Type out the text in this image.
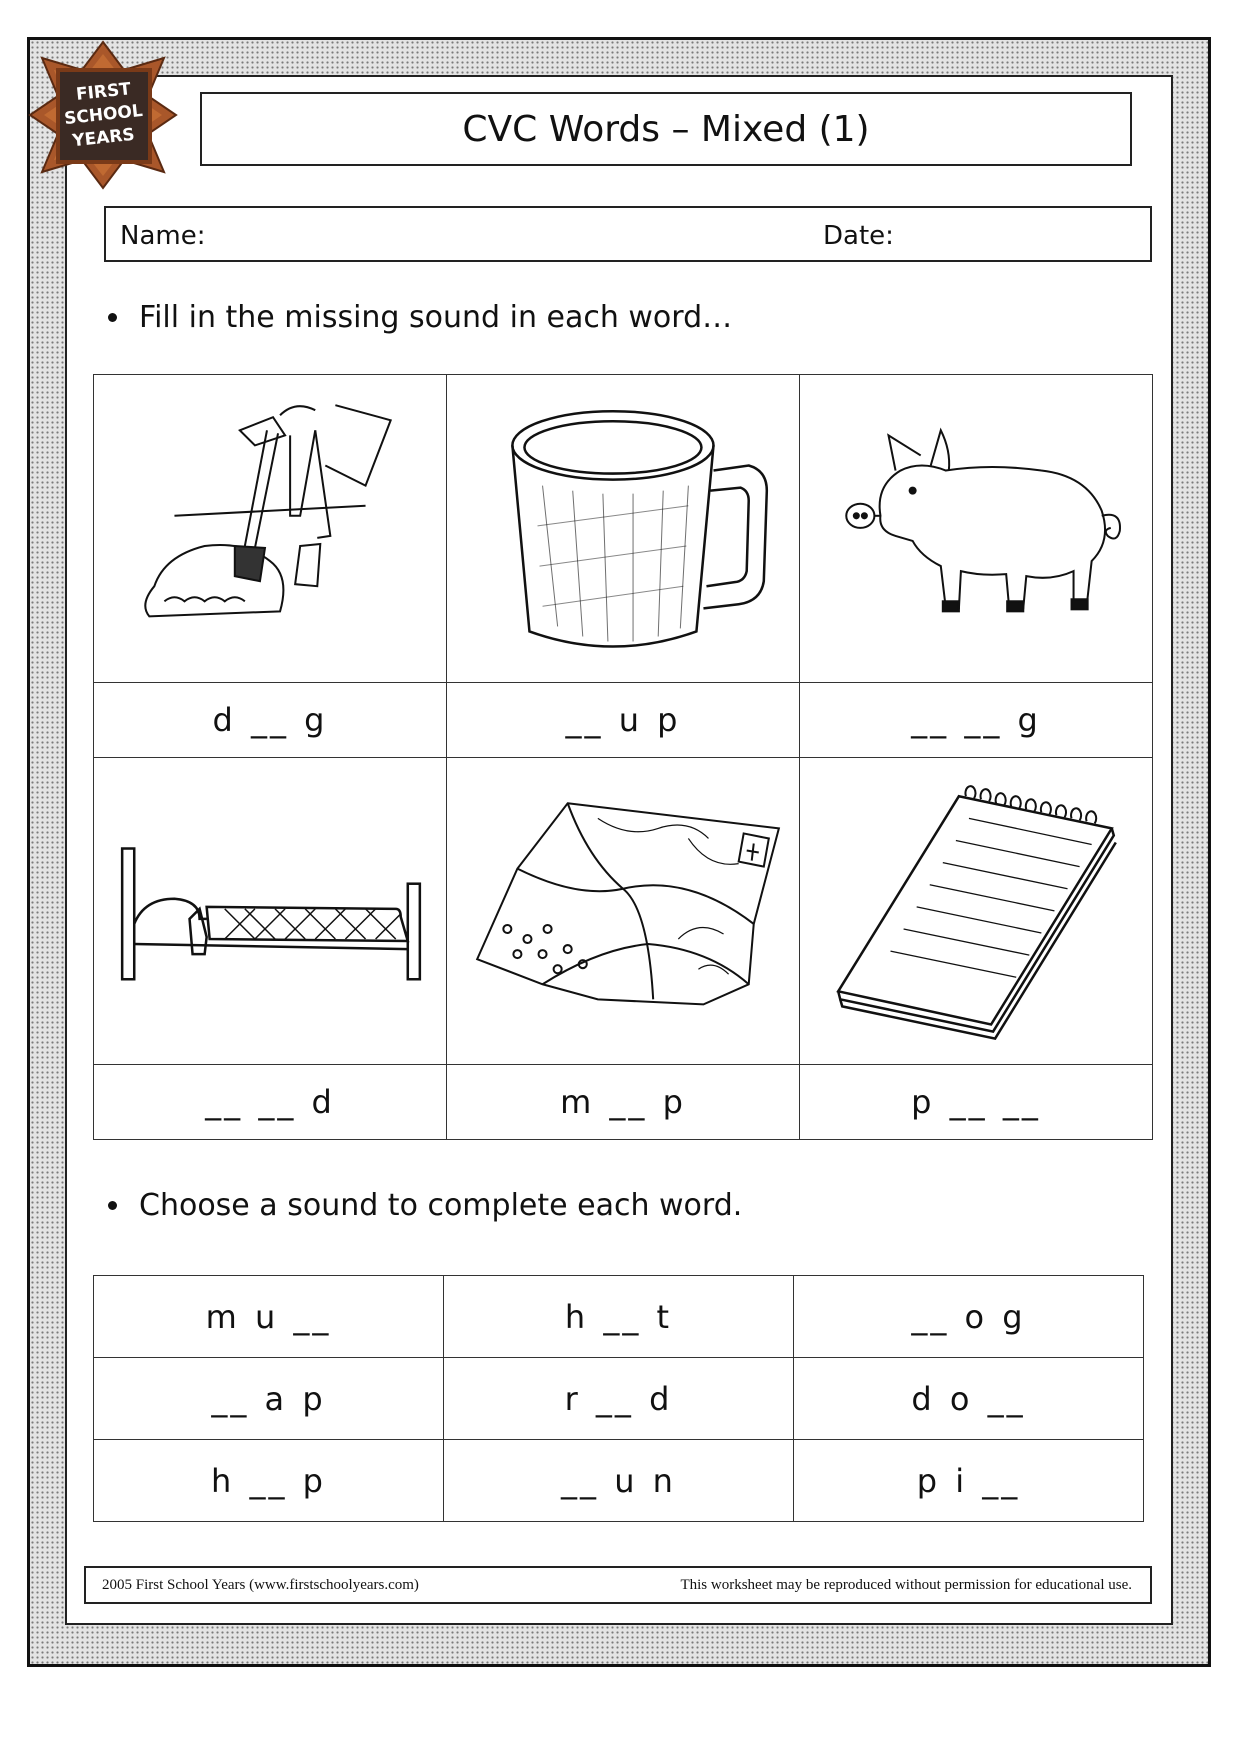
FIRST
SCHOOL
YEARS	CVC Words – Mixed (1)
Name:	Date:
Fill in the missing sound in each word…

d __ g	__ u p	__ __ g

__ __ d	m __ p	p __ __
Choose a sound to complete each word.
m u __	h __ t	__ o g
__ a p	r __ d	d o __
h __ p	__ u n	p i __
2005 First School Years (www.firstschoolyears.com)	This worksheet may be reproduced without permission for educational use.
